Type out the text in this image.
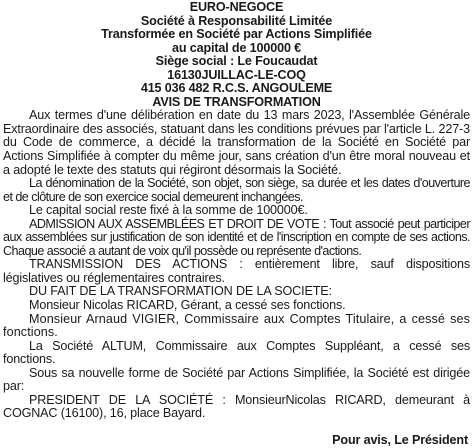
EURO-NEGOCE
Société à Responsabilité Limitée
Transformée en Société par Actions Simplifiée
au capital de 100000 €
Siège social : Le Foucaudat
16130JUILLAC-LE-COQ
415 036 482 R.C.S. ANGOULEME
AVIS DE TRANSFORMATION

Aux termes d'une délibération en date du 13 mars 2023, l'Assemblée Générale Extraordinaire des associés, statuant dans les conditions prévues par l'article L. 227-3 du Code de commerce, a décidé la transformation de la Société en Société par Actions Simplifiée à compter du même jour, sans création d'un être moral nouveau et a adopté le texte des statuts qui régiront désormais la Société.

La dénomination de la Société, son objet, son siège, sa durée et les dates d'ouverture et de clôture de son exercice social demeurent inchangées.

Le capital social reste fixé à la somme de 100000€.

ADMISSION AUX ASSEMBLÉES ET DROIT DE VOTE : Tout associé peut participer aux assemblées sur justification de son identité et de l'inscription en compte de ses actions. Chaque associé a autant de voix qu'il possède ou représente d'actions.

TRANSMISSION DES ACTIONS : entièrement libre, sauf dispositions législatives ou réglementaires contraires.

DU FAIT DE LA TRANSFORMATION DE LA SOCIETE:

Monsieur Nicolas RICARD, Gérant, a cessé ses fonctions.

Monsieur Arnaud VIGIER, Commissaire aux Comptes Titulaire, a cessé ses fonctions.

La Société ALTUM, Commissaire aux Comptes Suppléant, a cessé ses fonctions.

Sous sa nouvelle forme de Société par Actions Simplifiée, la Société est dirigée par:

PRESIDENT DE LA SOCIÉTÉ : MonsieurNicolas RICARD, demeurant à COGNAC (16100), 16, place Bayard.

Pour avis, Le Président
